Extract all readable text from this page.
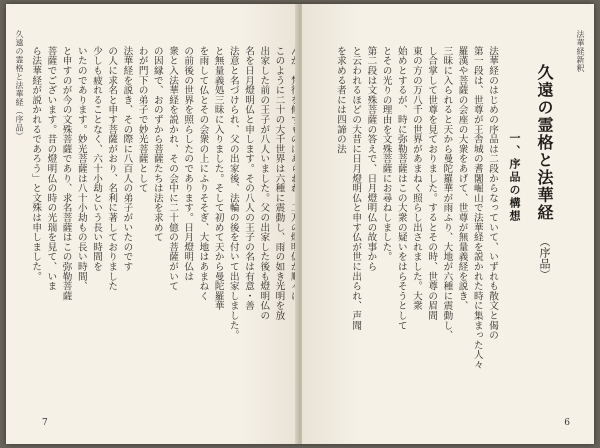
久遠の霊格と法華経（序品）	このように二十の大千世界は六種に震動し、雨の如き光明を放
出家した前の王子が八人いました。父の出家した後も燈明仏の
名を日月燈明仏と申します。その八人の王子の名は有意・善
法意と名づけられ、父の出家後、法輪の後を付いて出家しました。
と無量義処三昧に入りました。そして初めて天から曼陀羅華
を雨して仏とその会衆の上にふりそそぎ、大地はあまねく
の前後の世界を照らしたのであります。日月燈明仏は
衆と入法華経を説かれ、その会中に二十億の菩薩がいて
の因縁で、おのずから菩薩たちは法を求めて
わが門下の弟子で妙光菩薩として
法華経を説き、その際に八百人の弟子がいたのです
の人に求名と申す菩薩がおり、名利に著しておりました
少しも疲れることなく、六十小劫という長い時間を
いたのであります。妙光菩薩は八十小劫もの長い時間、
と申すのが今の文殊菩薩であり、求名菩薩はこの弥勒菩薩
菩薩でございます。昔の燈明仏の時の光瑞を見て、いま
ら法華経が説かれるであろう」と文殊は申しました。
7
法華経新釈
久遠の霊格と法華経
（序品）
一、序品の構想
法華経のはじめの序品は二段からなっていて、いずれも散文と偈の
第一段は、世尊が王舎城の耆闍崛山で法華経を説かれた時に集まった人々
羅漢や菩薩の会座の大衆をあげて、世尊が無量義経を説き、
三昧に入られると天から曼陀羅華が雨ふり、大地が六種に震動し、
し合掌して世尊を見ておりました。するとその時、世尊の眉間
東の方の万八千の世界があまねく照らし出されました。大衆
始めとするが、時に弥勒菩薩はこの大衆の疑いをはらそうとして
とその光りの理由を文殊菩薩にお尋ねしました。
第二段は文殊菩薩の答えで、日月燈明仏の故事から
と云われるほどの大昔に日月燈明仏と申す仏が世に出られ、声聞
を求める者には四諦の法
6
